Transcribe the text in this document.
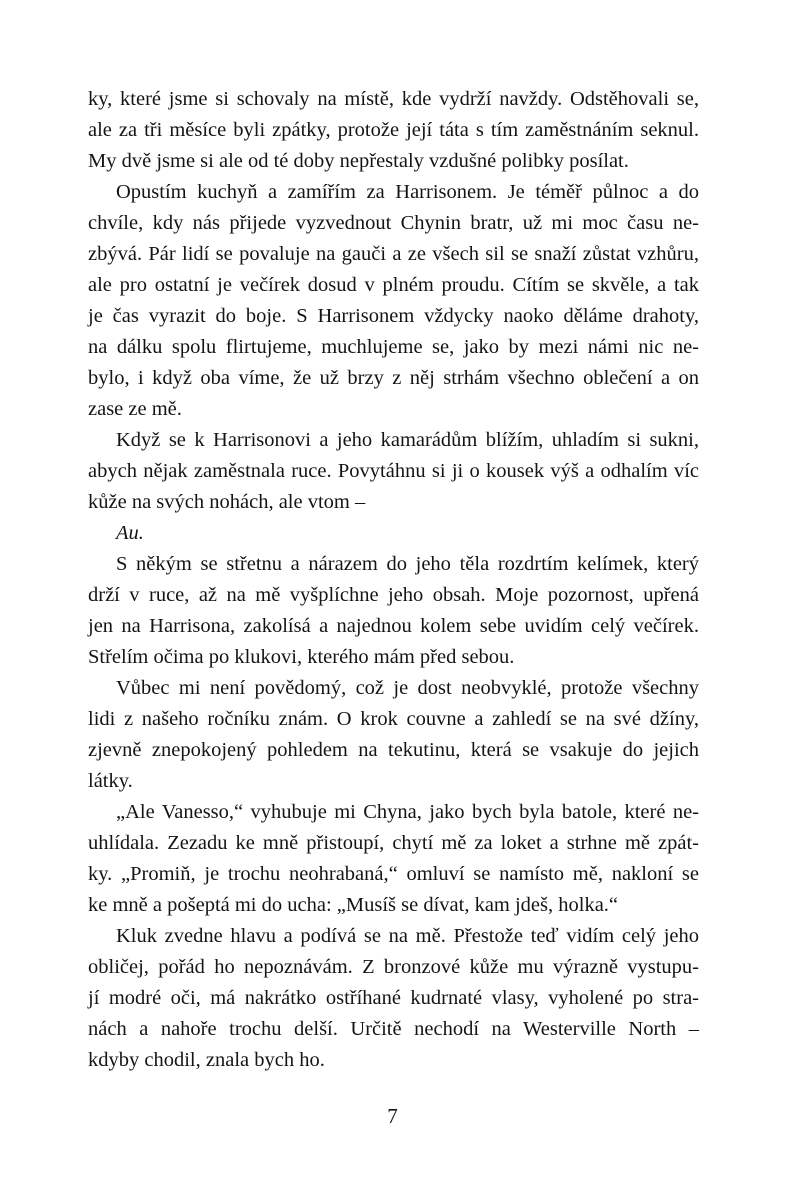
ky, které jsme si schovaly na místě, kde vydrží navždy. Odstěhovali se,
ale za tři měsíce byli zpátky, protože její táta s tím zaměstnáním seknul.
My dvě jsme si ale od té doby nepřestaly vzdušné polibky posílat.
Opustím kuchyň a zamířím za Harrisonem. Je téměř půlnoc a do
chvíle, kdy nás přijede vyzvednout Chynin bratr, už mi moc času ne-
zbývá. Pár lidí se povaluje na gauči a ze všech sil se snaží zůstat vzhůru,
ale pro ostatní je večírek dosud v plném proudu. Cítím se skvěle, a tak
je čas vyrazit do boje. S Harrisonem vždycky naoko děláme drahoty,
na dálku spolu flirtujeme, muchlujeme se, jako by mezi námi nic ne-
bylo, i když oba víme, že už brzy z něj strhám všechno oblečení a on
zase ze mě.
Když se k Harrisonovi a jeho kamarádům blížím, uhladím si sukni,
abych nějak zaměstnala ruce. Povytáhnu si ji o kousek výš a odhalím víc
kůže na svých nohách, ale vtom –
Au.
S někým se střetnu a nárazem do jeho těla rozdrtím kelímek, který
drží v ruce, až na mě vyšplíchne jeho obsah. Moje pozornost, upřená
jen na Harrisona, zakolísá a najednou kolem sebe uvidím celý večírek.
Střelím očima po klukovi, kterého mám před sebou.
Vůbec mi není povědomý, což je dost neobvyklé, protože všechny
lidi z našeho ročníku znám. O krok couvne a zahledí se na své džíny,
zjevně znepokojený pohledem na tekutinu, která se vsakuje do jejich
látky.
„Ale Vanesso,“ vyhubuje mi Chyna, jako bych byla batole, které ne-
uhlídala. Zezadu ke mně přistoupí, chytí mě za loket a strhne mě zpát-
ky. „Promiň, je trochu neohrabaná,“ omluví se namísto mě, nakloní se
ke mně a pošeptá mi do ucha: „Musíš se dívat, kam jdeš, holka.“
Kluk zvedne hlavu a podívá se na mě. Přestože teď vidím celý jeho
obličej, pořád ho nepoznávám. Z bronzové kůže mu výrazně vystupu-
jí modré oči, má nakrátko ostříhané kudrnaté vlasy, vyholené po stra-
nách a nahoře trochu delší. Určitě nechodí na Westerville North –
kdyby chodil, znala bych ho.
7
